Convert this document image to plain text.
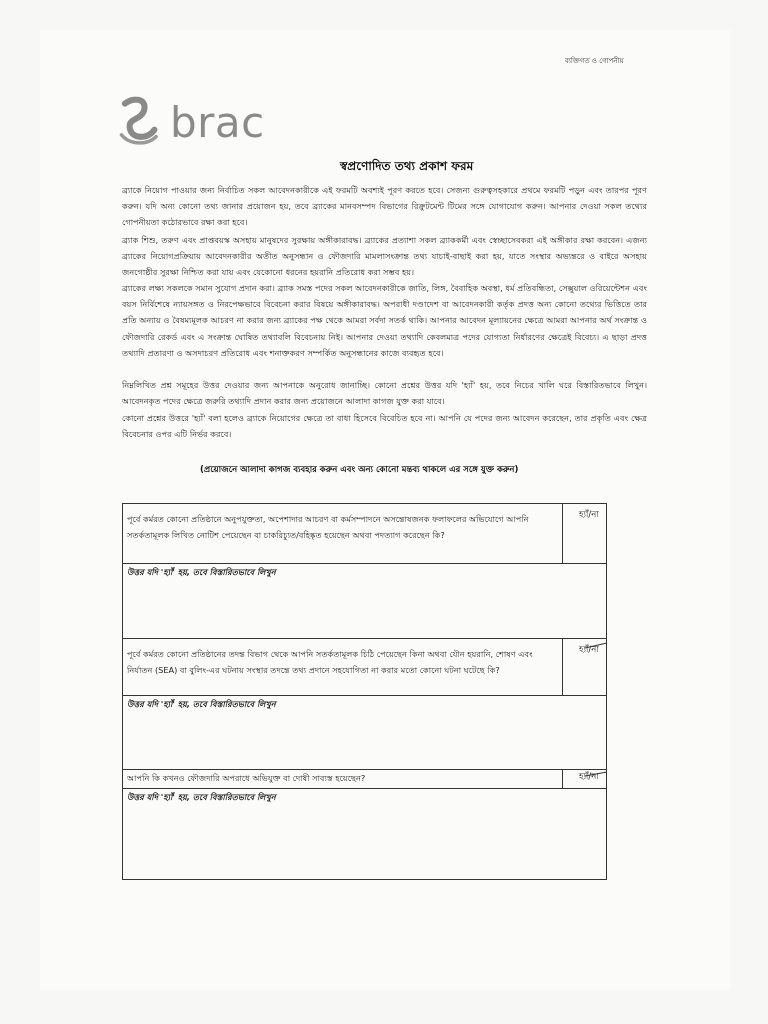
ব্যক্তিগত ও গোপনীয়
brac
স্বপ্রণোদিত তথ্য প্রকাশ ফরম
ব্র্যাকে নিয়োগ পাওয়ার জন্য নির্বাচিত সকল আবেদনকারীকে এই ফরমটি অবশ্যই পূরণ করতে হবে। সেজন্য গুরুত্বসহকারে প্রথমে ফরমটি পড়ুন এবং তারপর পূরণ করুন। যদি অন্য কোনো তথ্য জানার প্রয়োজন হয়, তবে ব্র্যাকের মানবসম্পদ বিভাগের রিক্রুটমেন্ট টিমের সঙ্গে যোগাযোগ করুন। আপনার দেওয়া সকল তথ্যের গোপনীয়তা কঠোরভাবে রক্ষা করা হবে।
ব্র্যাক শিশু, তরুণ এবং প্রাপ্তবয়স্ক অসহায় মানুষদের সুরক্ষায় অঙ্গীকারাবদ্ধ। ব্র্যাকের প্রত্যাশা সকল ব্র্যাককর্মী এবং স্বেচ্ছাসেবকরা এই অঙ্গীকার রক্ষা করবেন। এজন্য ব্র্যাকের নিয়োগপ্রক্রিয়ায় আবেদনকারীর অতীত অনুসন্ধান ও ফৌজদারি মামলাসংক্রান্ত তথ্য যাচাই-বাছাই করা হয়, যাতে সংস্থার অভ্যন্তরে ও বাইরে অসহায় জনগোষ্ঠীর সুরক্ষা নিশ্চিত করা যায় এবং যেকোনো ধরনের হয়রানি প্রতিরোধ করা সম্ভব হয়।
ব্র্যাকের লক্ষ্য সকলকে সমান সুযোগ প্রদান করা। ব্র্যাক সমস্ত পদের সকল আবেদনকারীকে জাতি, লিঙ্গ, বৈবাহিক অবস্থা, ধর্ম প্রতিবন্ধিতা, সেক্সুয়াল ওরিয়েন্টেশন এবং বয়স নির্বিশেষে ন্যায়সঙ্গত ও নিরপেক্ষভাবে বিবেচনা করার বিষয়ে অঙ্গীকারাবদ্ধ। অপরাধী দণ্ডাদেশ বা আবেদনকারী কর্তৃক প্রদত্ত অন্য কোনো তথ্যের ভিত্তিতে তার প্রতি অন্যায় ও বৈষম্যমূলক আচরণ না করার জন্য ব্র্যাকের পক্ষ থেকে আমরা সর্বদা সতর্ক থাকি। আপনার আবেদন মূল্যায়নের ক্ষেত্রে আমরা আপনার অর্থ সংক্রান্ত ও ফৌজদারি রেকর্ড এবং এ সংক্রান্ত ঘোষিত তথ্যাবলি বিবেচনায় নিই। আপনার দেওয়া তথ্যাদি কেবলমাত্র পদের যোগ্যতা নির্ধারণের ক্ষেত্রেই বিবেচ্য। এ ছাড়া প্রদত্ত তথ্যাদি প্রতারণা ও অসদাচরণ প্রতিরোধ এবং শনাক্তকরণ সম্পর্কিত অনুসন্ধানের কাজে ব্যবহৃত হবে।
নিম্নলিখিত প্রশ্ন সমূহের উত্তর দেওয়ার জন্য আপনাকে অনুরোধ জানাচ্ছি। কোনো প্রশ্নের উত্তর যদি 'হ্যাঁ' হয়, তবে নিচের খালি ঘরে বিস্তারিতভাবে লিখুন। আবেদনকৃত পদের ক্ষেত্রে জরুরি তথ্যাদি প্রদান করার জন্য প্রয়োজনে আলাদা কাগজ যুক্ত করা যাবে।
কোনো প্রশ্নের উত্তরে 'হ্যাঁ' বলা হলেও ব্র্যাকে নিয়োগের ক্ষেত্রে তা বাধা হিসেবে বিবেচিত হবে না। আপনি যে পদের জন্য আবেদন করেছেন, তার প্রকৃতি এবং ক্ষেত্র বিবেচনার ওপর এটি নির্ভর করবে।
(প্রয়োজনে আলাদা কাগজ ব্যবহার করুন এবং অন্য কোনো মন্তব্য থাকলে এর সঙ্গে যুক্ত করুন)
পূর্বে কর্মরত কোনো প্রতিষ্ঠানে অনুপযুক্ততা, অপেশাদার আচরণ বা কর্মসম্পাদনে অসন্তোষজনক ফলাফলের অভিযোগে আপনি সতর্কতামূলক লিখিত নোটিশ পেয়েছেন বা চাকরিচ্যুত/বহিষ্কৃত হয়েছেন অথবা পদত্যাগ করেছেন কি?
হ্যাঁ/না
উত্তর যদি 'হ্যাঁ' হয়, তবে বিস্তারিতভাবে লিখুন
পূর্বে কর্মরত কোনো প্রতিষ্ঠানের তদন্ত বিভাগ থেকে আপনি সতর্কতামূলক চিঠি পেয়েছেন কিনা অথবা যৌন হয়রানি, শোষণ এবং নির্যাতন (SEA) বা বুলিং-এর ঘটনায় সংস্থার তদন্তে তথ্য প্রদানে সহযোগিতা না করার মতো কোনো ঘটনা ঘটেছে কি?
হ্যাঁ/না
উত্তর যদি 'হ্যাঁ' হয়, তবে বিস্তারিতভাবে লিখুন
আপনি কি কখনও ফৌজদারি অপরাধে অভিযুক্ত বা দোষী সাব্যস্ত হয়েছেন?	হ্যাঁ/না
উত্তর যদি 'হ্যাঁ' হয়, তবে বিস্তারিতভাবে লিখুন
